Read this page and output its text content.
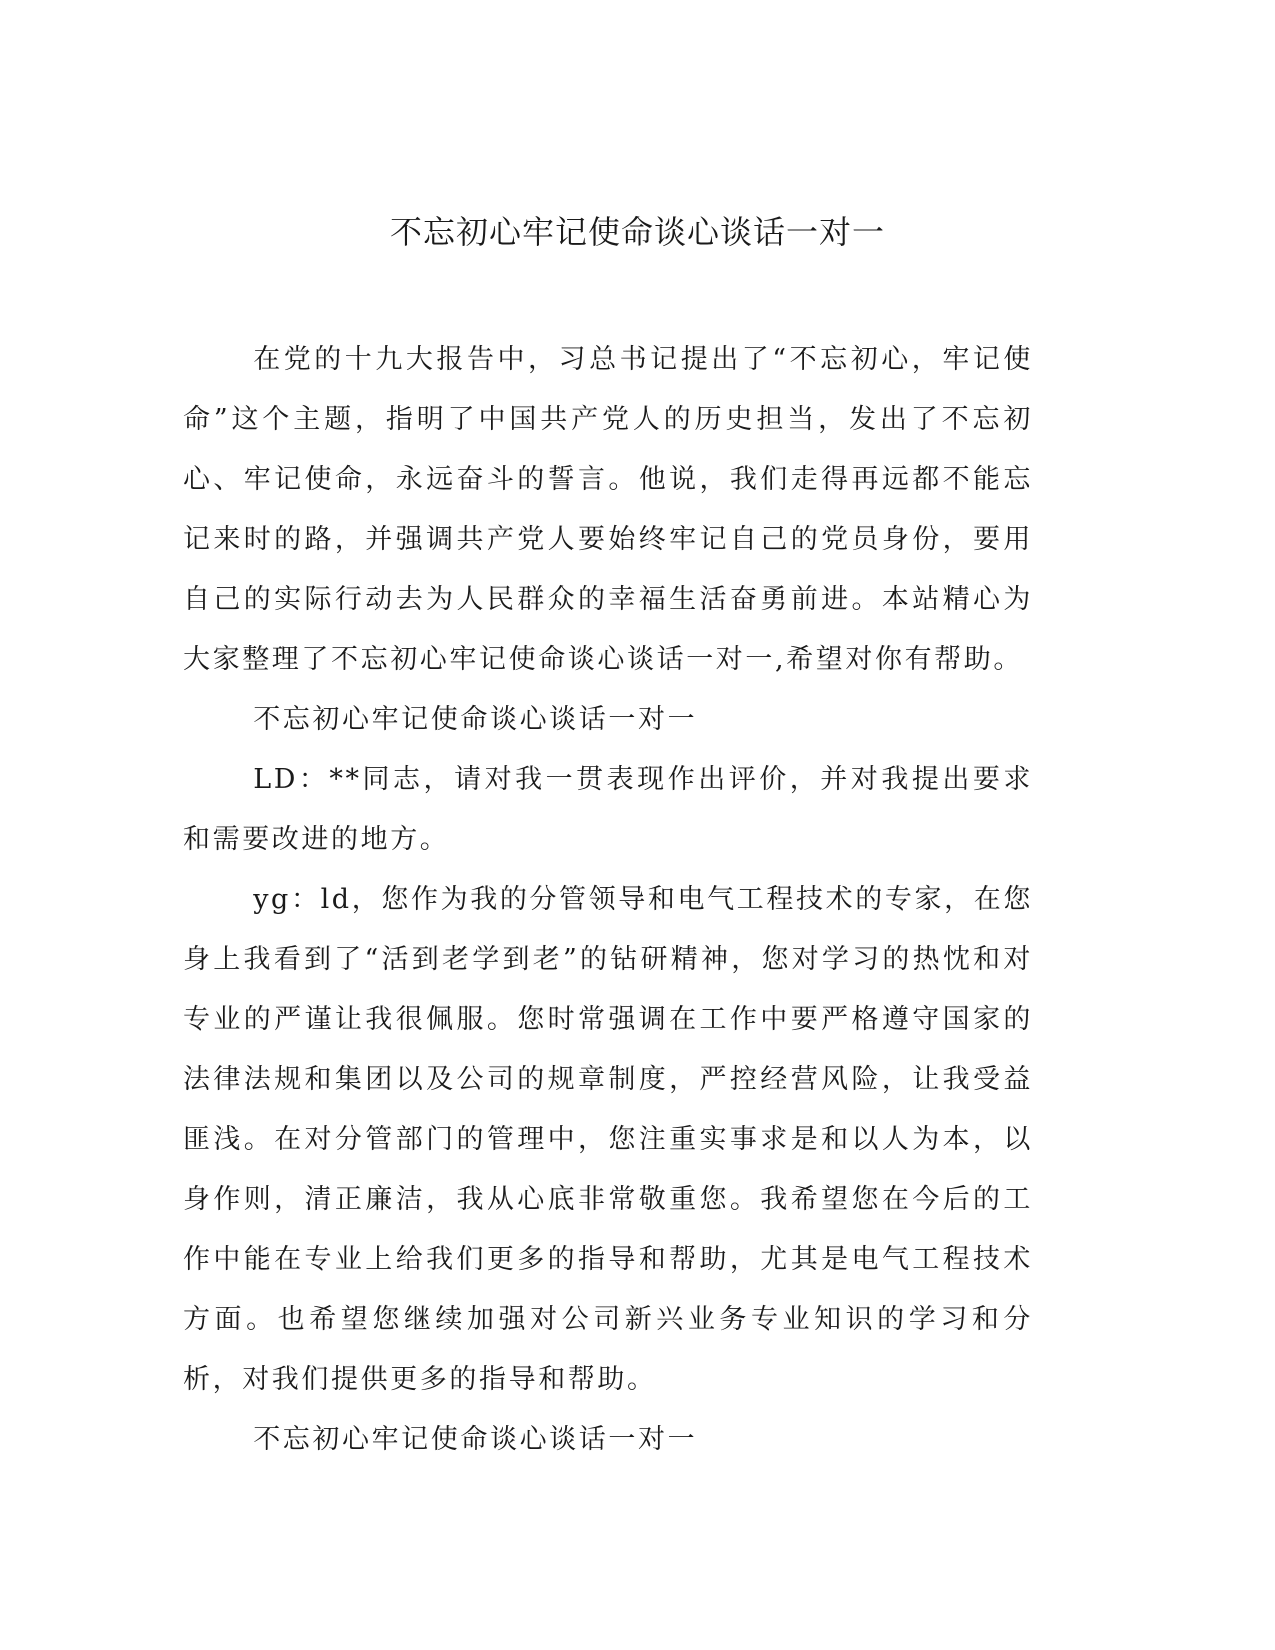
不忘初心牢记使命谈心谈话一对一

在党的十九大报告中，习总书记提出了“不忘初心，牢记使命”这个主题，指明了中国共产党人的历史担当，发出了不忘初心、牢记使命，永远奋斗的誓言。他说，我们走得再远都不能忘记来时的路，并强调共产党人要始终牢记自己的党员身份，要用自己的实际行动去为人民群众的幸福生活奋勇前进。本站精心为大家整理了不忘初心牢记使命谈心谈话一对一,希望对你有帮助。

不忘初心牢记使命谈心谈话一对一

LD：**同志，请对我一贯表现作出评价，并对我提出要求和需要改进的地方。

yg：ld，您作为我的分管领导和电气工程技术的专家，在您身上我看到了“活到老学到老”的钻研精神，您对学习的热忱和对专业的严谨让我很佩服。您时常强调在工作中要严格遵守国家的法律法规和集团以及公司的规章制度，严控经营风险，让我受益匪浅。在对分管部门的管理中，您注重实事求是和以人为本，以身作则，清正廉洁，我从心底非常敬重您。我希望您在今后的工作中能在专业上给我们更多的指导和帮助，尤其是电气工程技术方面。也希望您继续加强对公司新兴业务专业知识的学习和分析，对我们提供更多的指导和帮助。

不忘初心牢记使命谈心谈话一对一
